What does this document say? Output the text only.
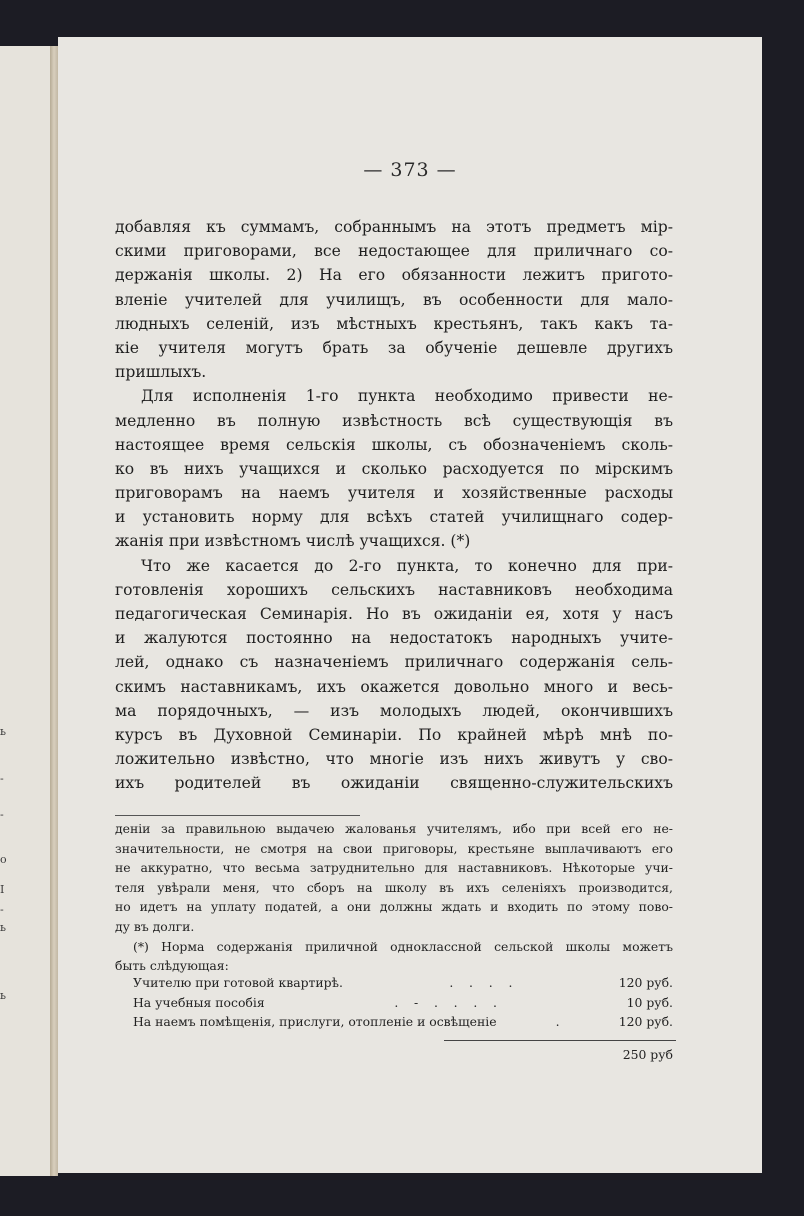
ь
-
-
о
I
-
ь
ь
— 373 —
добавляя къ суммамъ, собраннымъ на этотъ предметъ мір-
скими приговорами, все недостающее для приличнаго со-
держанія школы. 2) На его обязанности лежитъ пригото-
вленіе учителей для училищъ, въ особенности для мало-
людныхъ селеній, изъ мѣстныхъ крестьянъ, такъ какъ та-
кіе учителя могутъ брать за обученіе дешевле другихъ
пришлыхъ.
Для исполненія 1-го пункта необходимо привести не-
медленно въ полную извѣстность всѣ существующія въ
настоящее время сельскія школы, съ обозначеніемъ сколь-
ко въ нихъ учащихся и сколько расходуется по мірскимъ
приговорамъ на наемъ учителя и хозяйственные расходы
и установить норму для всѣхъ статей училищнаго содер-
жанія при извѣстномъ числѣ учащихся. (*)
Что же касается до 2-го пункта, то конечно для при-
готовленія хорошихъ сельскихъ наставниковъ необходима
педагогическая Семинарія. Но въ ожиданіи ея, хотя у насъ
и жалуются постоянно на недостатокъ народныхъ учите-
лей, однако съ назначеніемъ приличнаго содержанія сель-
скимъ наставникамъ, ихъ окажется довольно много и весь-
ма порядочныхъ, — изъ молодыхъ людей, окончившихъ
курсъ въ Духовной Семинаріи. По крайней мѣрѣ мнѣ по-
ложительно извѣстно, что многіе изъ нихъ живутъ у сво-
ихъ родителей въ ожиданіи священно-служительскихъ
деніи за правильною выдачею жалованья учителямъ, ибо при всей его не-
значительности, не смотря на свои приговоры, крестьяне выплачиваютъ его
не аккуратно, что весьма затруднительно для наставниковъ. Нѣкоторые учи-
теля увѣрали меня, что сборъ на школу въ ихъ селеніяхъ производится,
но идетъ на уплату податей, а они должны ждать и входить по этому пово-
ду въ долги.
(*) Норма содержанія приличной одноклассной сельской школы можетъ
быть слѣдующая:
Учителю при готовой квартирѣ.	.    .    .    .	120 руб.
На учебныя пособія	.    -    .    .    .    .	10 руб.
На наемъ помѣщенія, прислуги, отопленіе и освѣщеніе	.	120 руб.
250 руб
